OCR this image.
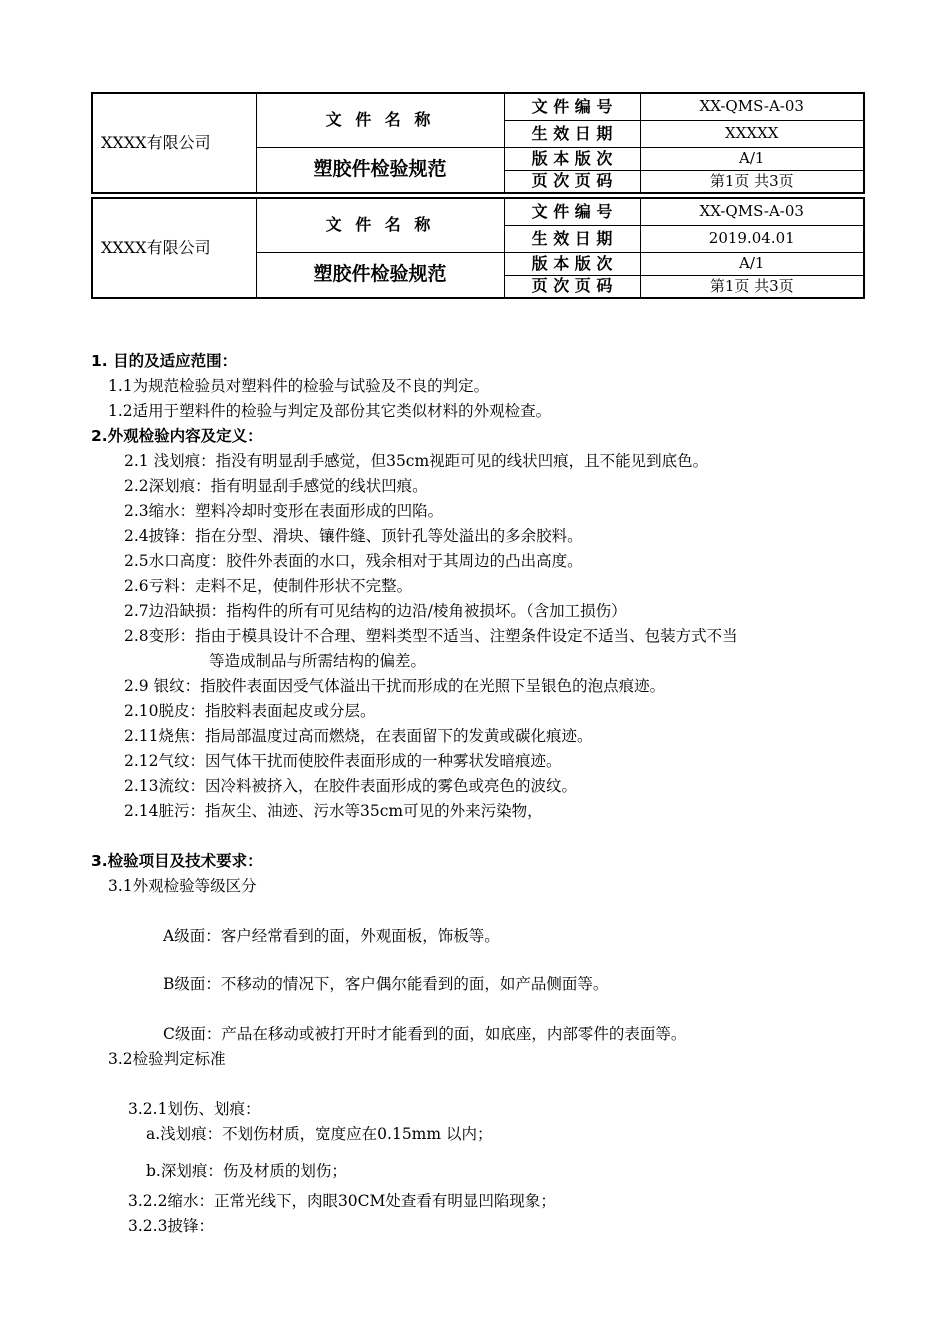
XXXX有限公司	文 件 名 称	文 件 编 号	XX-QMS-A-03
		生 效 日 期	XXXXX
	塑胶件检验规范	版 本 版 次	A/1
		页 次 页 码	第1页 共3页
XXXX有限公司	文 件 名 称	文 件 编 号	XX-QMS-A-03
		生 效 日 期	2019.04.01
	塑胶件检验规范	版 本 版 次	A/1
		页 次 页 码	第1页 共3页
1. 目的及适应范围：
1.1为规范检验员对塑料件的检验与试验及不良的判定。
1.2适用于塑料件的检验与判定及部份其它类似材料的外观检查。
2.外观检验内容及定义：
2.1 浅划痕：指没有明显刮手感觉，但35cm视距可见的线状凹痕，且不能见到底色。
2.2深划痕：指有明显刮手感觉的线状凹痕。
2.3缩水：塑料冷却时变形在表面形成的凹陷。
2.4披锋：指在分型、滑块、镶件缝、顶针孔等处溢出的多余胶料。
2.5水口高度：胶件外表面的水口，残余相对于其周边的凸出高度。
2.6亏料：走料不足，使制件形状不完整。
2.7边沿缺损：指构件的所有可见结构的边沿/棱角被损坏。（含加工损伤）
2.8变形：指由于模具设计不合理、塑料类型不适当、注塑条件设定不适当、包装方式不当
等造成制品与所需结构的偏差。
2.9 银纹：指胶件表面因受气体溢出干扰而形成的在光照下呈银色的泡点痕迹。
2.10脱皮：指胶料表面起皮或分层。
2.11烧焦：指局部温度过高而燃烧，在表面留下的发黄或碳化痕迹。
2.12气纹：因气体干扰而使胶件表面形成的一种雾状发暗痕迹。
2.13流纹：因冷料被挤入，在胶件表面形成的雾色或亮色的波纹。
2.14脏污：指灰尘、油迹、污水等35cm可见的外来污染物，
3.检验项目及技术要求：
3.1外观检验等级区分
A级面：客户经常看到的面，外观面板，饰板等。
B级面：不移动的情况下，客户偶尔能看到的面，如产品侧面等。
C级面：产品在移动或被打开时才能看到的面，如底座，内部零件的表面等。
3.2检验判定标准
3.2.1划伤、划痕：
a.浅划痕：不划伤材质，宽度应在0.15mm 以内；
b.深划痕：伤及材质的划伤；
3.2.2缩水：正常光线下，肉眼30CM处查看有明显凹陷现象；
3.2.3披锋：
